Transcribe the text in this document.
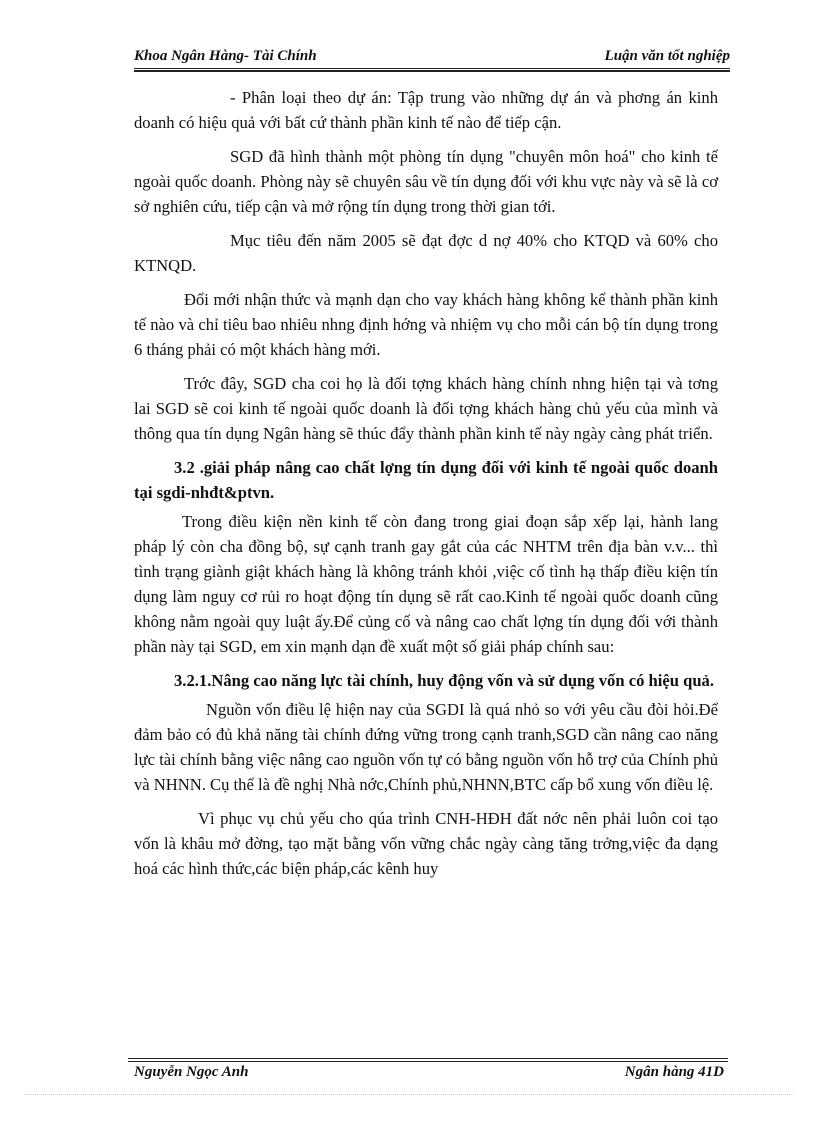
Khoa Ngân Hàng- Tài Chính	Luận văn tốt nghiệp

- Phân loại theo dự án: Tập trung vào những dự án và phơng án kinh doanh có hiệu quả với bất cứ thành phần kinh tế nào để tiếp cận.

SGD đã hình thành một phòng tín dụng "chuyên môn hoá" cho kinh tế ngoài quốc doanh. Phòng này sẽ chuyên sâu về tín dụng đối với khu vực này và sẽ là cơ sở nghiên cứu, tiếp cận và mở rộng tín dụng trong thời gian tới.

Mục tiêu đến năm 2005 sẽ đạt đợc d nợ 40% cho KTQD và 60% cho KTNQD.

Đổi mới nhận thức và mạnh dạn cho vay khách hàng không kể thành phần kinh tế nào và chỉ tiêu bao nhiêu nhng định hớng và nhiệm vụ cho mỗi cán bộ tín dụng trong 6 tháng phải có một khách hàng mới.

Trớc đây, SGD cha coi họ là đối tợng khách hàng chính nhng hiện tại và tơng lai SGD sẽ coi kinh tế ngoài quốc doanh là đối tợng khách hàng chủ yếu của mình và thông qua tín dụng Ngân hàng sẽ thúc đẩy thành phần kinh tế này ngày càng phát triển.

3.2 .giải pháp nâng cao chất lợng tín dụng đối với kinh tế ngoài quốc doanh tại sgdi-nhđt&ptvn.

Trong điều kiện nền kinh tế còn đang trong giai đoạn sắp xếp lại, hành lang pháp lý còn cha đồng bộ, sự cạnh tranh gay gắt của các NHTM trên địa bàn v.v... thì tình trạng giành giật khách hàng là không tránh khỏi ,việc cố tình hạ thấp điều kiện tín dụng làm nguy cơ rủi ro hoạt động tín dụng sẽ rất cao.Kinh tế ngoài quốc doanh cũng không nằm ngoài quy luật ấy.Để củng cố và nâng cao chất lợng tín dụng đối với thành phần này tại SGD, em xin mạnh dạn đề xuất một số giải pháp chính sau:

3.2.1.Nâng cao năng lực tài chính, huy động vốn và sử dụng vốn có hiệu quả.

Nguồn vốn điều lệ hiện nay của SGDI là quá nhỏ so với yêu cầu đòi hỏi.Để đảm bảo có đủ khả năng tài chính đứng vững trong cạnh tranh,SGD cần nâng cao năng lực tài chính bằng việc nâng cao nguồn vốn tự có bằng nguồn vốn hỗ trợ của Chính phủ và NHNN. Cụ thể là đề nghị Nhà nớc,Chính phủ,NHNN,BTC cấp bổ xung vốn điều lệ.

Vì phục vụ chủ yếu cho qúa trình CNH-HĐH đất nớc nên phải luôn coi tạo vốn là khâu mở đờng, tạo mặt bằng vốn vững chắc ngày càng tăng trởng,việc đa dạng hoá các hình thức,các biện pháp,các kênh huy

Nguyễn Ngọc Anh	Ngân hàng 41D
